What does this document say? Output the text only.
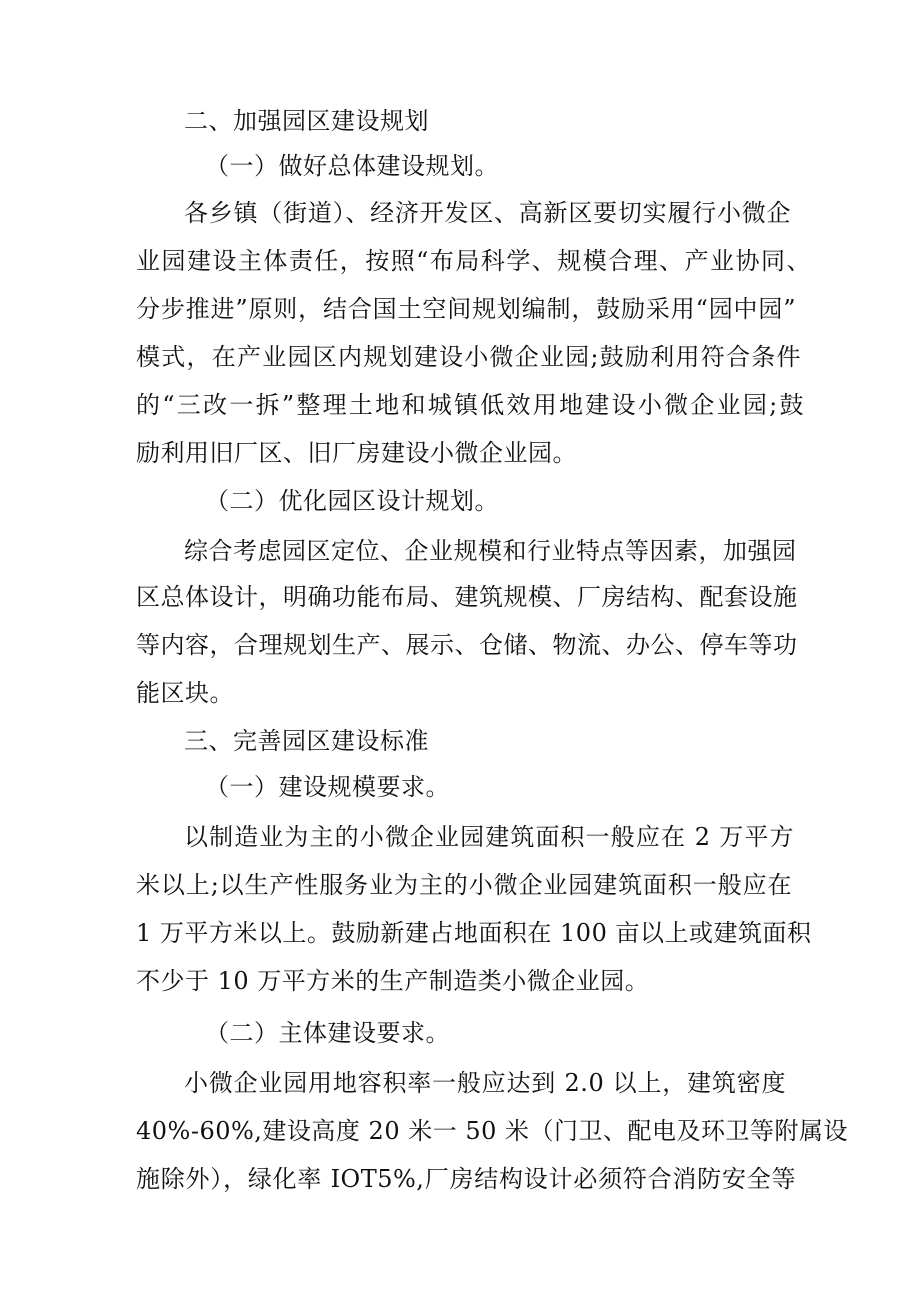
二、加强园区建设规划
（一）做好总体建设规划。
各乡镇（街道）、经济开发区、高新区要切实履行小微企
业园建设主体责任，按照“布局科学、规模合理、产业协同、
分步推进”原则，结合国土空间规划编制，鼓励采用“园中园”
模式，在产业园区内规划建设小微企业园;鼓励利用符合条件
的“三改一拆”整理土地和城镇低效用地建设小微企业园;鼓
励利用旧厂区、旧厂房建设小微企业园。
（二）优化园区设计规划。
综合考虑园区定位、企业规模和行业特点等因素，加强园
区总体设计，明确功能布局、建筑规模、厂房结构、配套设施
等内容，合理规划生产、展示、仓储、物流、办公、停车等功
能区块。
三、完善园区建设标准
（一）建设规模要求。
以制造业为主的小微企业园建筑面积一般应在 2 万平方
米以上;以生产性服务业为主的小微企业园建筑面积一般应在
1 万平方米以上。鼓励新建占地面积在 100 亩以上或建筑面积
不少于 10 万平方米的生产制造类小微企业园。
（二）主体建设要求。
小微企业园用地容积率一般应达到 2.0 以上，建筑密度
40%-60%,建设高度 20 米一 50 米（门卫、配电及环卫等附属设
施除外），绿化率 IOT5%,厂房结构设计必须符合消防安全等
